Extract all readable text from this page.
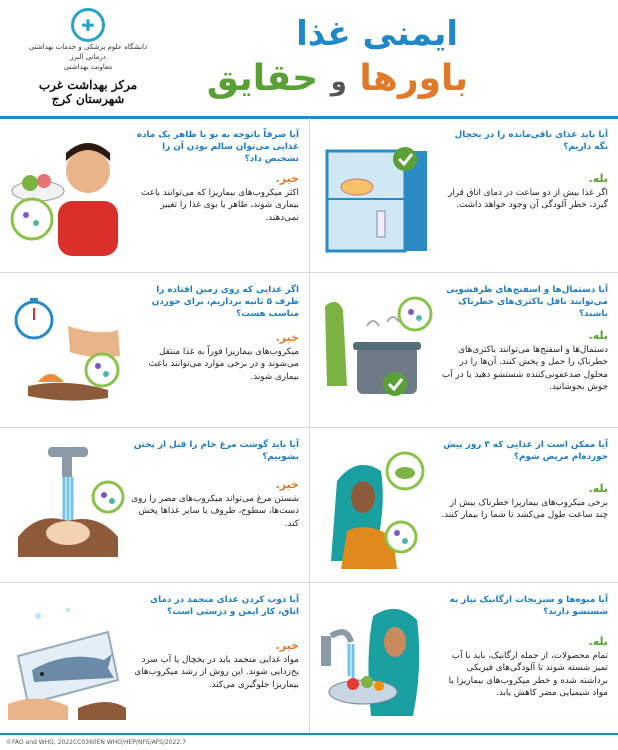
✚
دانشگاه علوم پزشکی و خدمات بهداشتی درمانی البرز
معاونت بهداشتی
مرکز بهداشت غرب شهرستان کرج
ایمنی غذا
باورها و حقایق
آیا صرفاً باتوجه به بو یا ظاهر یک ماده غذایی می‌توان سالم بودن آن را تشخیص داد؟
خیر.
اکثر میکروب‌های بیماریزا که می‌توانند باعث بیماری شوند، ظاهر یا بوی غذا را تغییر نمی‌دهند.
آیا باید غذای باقی‌مانده را در یخچال نگه داریم؟
بله.
اگر غذا بیش از دو ساعت در دمای اتاق قرار گیرد، خطر آلودگی آن وجود خواهد داشت.
اگر غذایی که روی زمین افتاده را ظرف ۵ ثانیه برداریم، برای خوردن مناسب هست؟
خیر.
میکروب‌های بیماریزا فوراً به غذا منتقل می‌شوند و در برخی موارد می‌توانند باعث بیماری شوند.
آیا دستمال‌ها و اسفنج‌های ظرفشویی می‌توانند ناقل باکتری‌های خطرناک باشند؟
بله.
دستمال‌ها و اسفنج‌ها می‌توانند باکتری‌های خطرناک را حمل و پخش کنند. آن‌ها را در محلول ضدعفونی‌کننده شستشو دهید یا در آب جوش بجوشانید.
آیا باید گوشت مرغ خام را قبل از پختن بشوییم؟
خیر.
شستن مرغ می‌تواند میکروب‌های مضر را روی دست‌ها، سطوح، ظروف یا سایر غذاها پخش کند.
آیا ممکن است از غذایی که ۳ روز پیش خورده‌ام مریض شوم؟
بله.
برخی میکروب‌های بیماریزا خطرناک بیش از چند ساعت طول می‌کشد تا شما را بیمار کنند.
آیا ذوب کردن غذای منجمد در دمای اتاق، کار ایمن و درستی است؟
خیر.
مواد غذایی منجمد باید در یخچال یا آب سرد یخ‌زدایی شوند. این روش از رشد میکروب‌های بیماریزا جلوگیری می‌کند.
آیا میوه‌ها و سبزیجات ارگانیک نیاز به شستشو دارند؟
بله.
تمام محصولات، از جمله ارگانیک، باید با آب تمیز شسته شوند تا آلودگی‌های فیزیکی برداشته شده و خطر میکروب‌های بیماریزا یا مواد شیمیایی مضر کاهش یابد.
©FAO and WHO, 2022CC0360EN WHO/HEP/NFS/AFS/2022.7
